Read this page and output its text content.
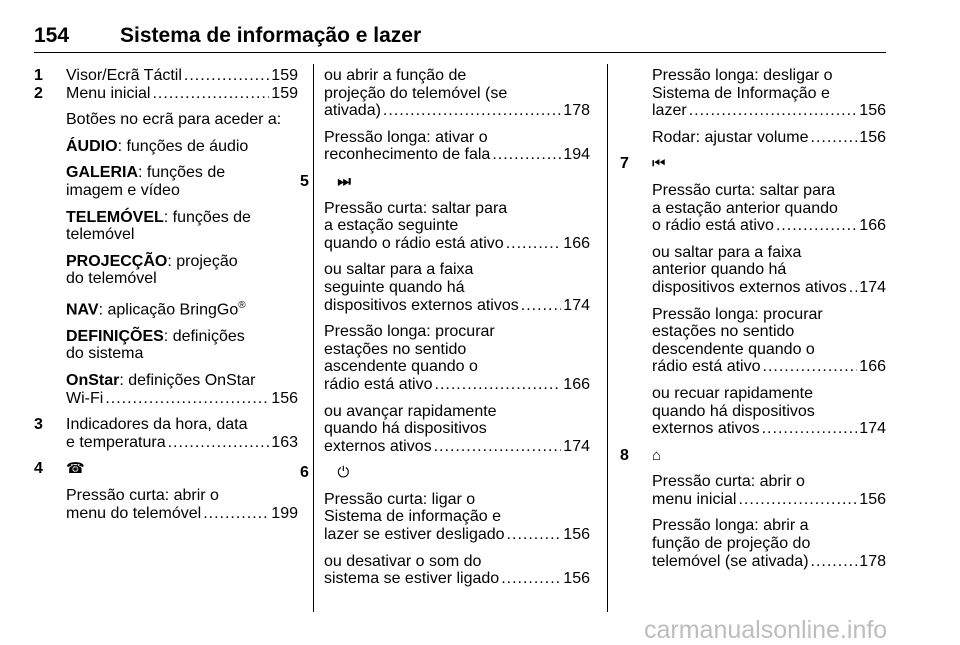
154 Sistema de informação e lazer
1 Visor/Ecrã Táctil .....	159
2 Menu inicial .....	159
Botões no ecrã para aceder a:
ÁUDIO: funções de áudio
GALERIA: funções de
imagem e vídeo
TELEMÓVEL: funções de
telemóvel
PROJECÇÃO: projeção
do telemóvel
NAV: aplicação BringGo®
DEFINIÇÕES: definições
do sistema
OnStar: definições OnStar
Wi-Fi .....	156
3 Indicadores da hora, data
e temperatura .....	163
4 ☎
Pressão curta: abrir o
menu do telemóvel .....	199
ou abrir a função de
projeção do telemóvel (se
ativada) .....	178
Pressão longa: ativar o
reconhecimento de fala .....	194
5 ⏭
Pressão curta: saltar para
a estação seguinte
quando o rádio está ativo .....	166
ou saltar para a faixa
seguinte quando há
dispositivos externos ativos .....	174
Pressão longa: procurar
estações no sentido
ascendente quando o
rádio está ativo .....	166
ou avançar rapidamente
quando há dispositivos
externos ativos .....	174
6 ⏻
Pressão curta: ligar o
Sistema de informação e
lazer se estiver desligado .....	156
ou desativar o som do
sistema se estiver ligado .....	156
Pressão longa: desligar o
Sistema de Informação e
lazer .....	156
Rodar: ajustar volume .....	156
7 ⏮
Pressão curta: saltar para
a estação anterior quando
o rádio está ativo .....	166
ou saltar para a faixa
anterior quando há
dispositivos externos ativos ..... 174
Pressão longa: procurar
estações no sentido
descendente quando o
rádio está ativo .....	166
ou recuar rapidamente
quando há dispositivos
externos ativos .....	174
8 ⌂
Pressão curta: abrir o
menu inicial .....	156
Pressão longa: abrir a
função de projeção do
telemóvel (se ativada) .....	178
carmanualsonline.info
